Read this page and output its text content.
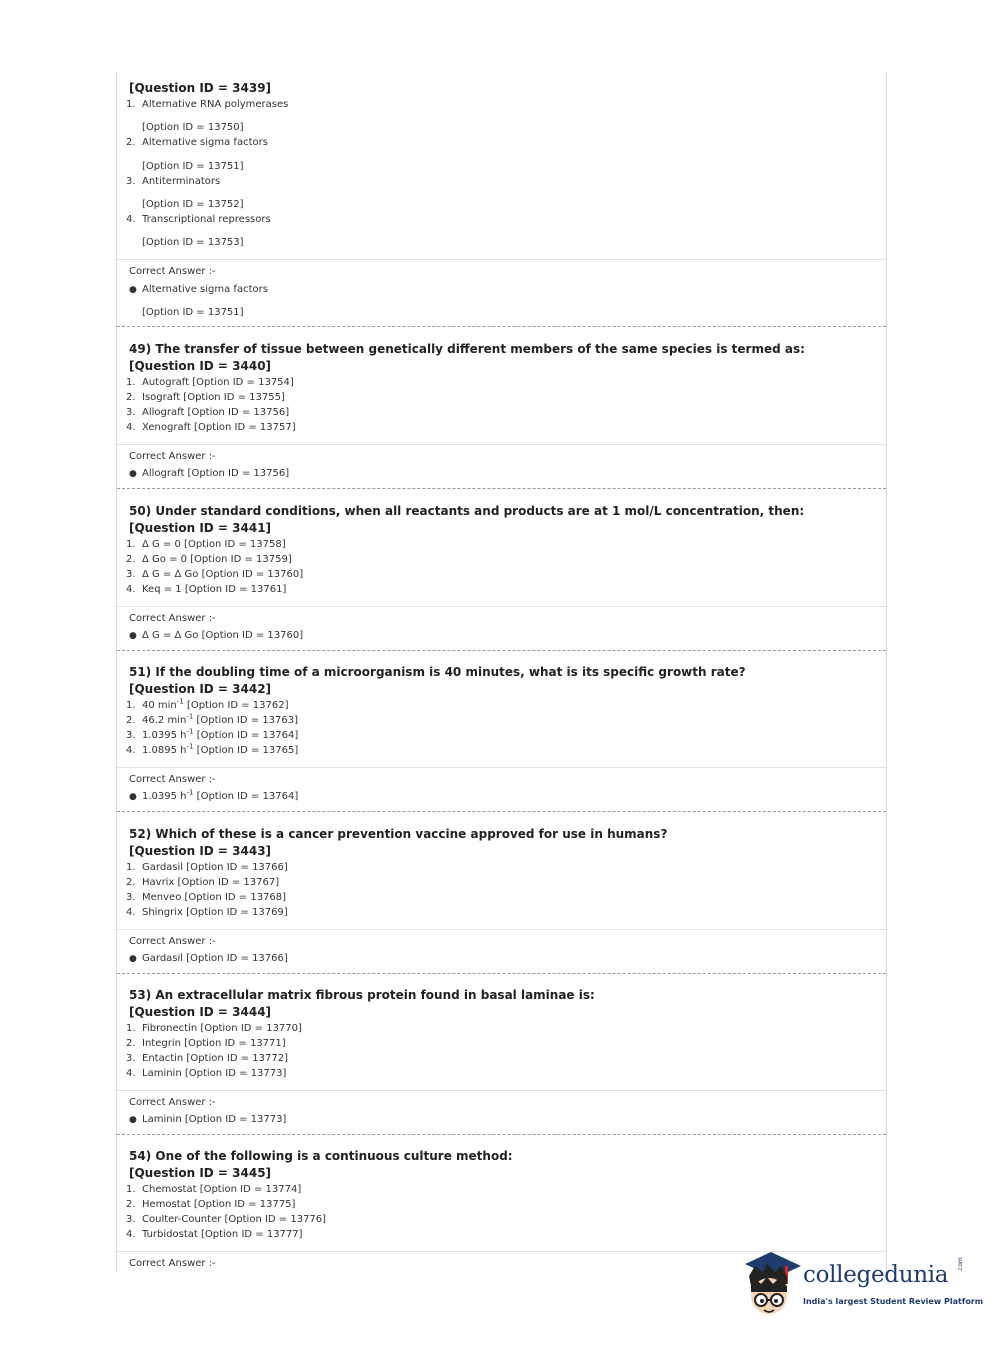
[Question ID = 3439]
1. Alternative RNA polymerases
[Option ID = 13750]
2. Alternative sigma factors
[Option ID = 13751]
3. Antiterminators
[Option ID = 13752]
4. Transcriptional repressors
[Option ID = 13753]
Correct Answer :-
● Alternative sigma factors
[Option ID = 13751]
49) The transfer of tissue between genetically different members of the same species is termed as:
[Question ID = 3440]
1. Autograft [Option ID = 13754]
2. Isograft [Option ID = 13755]
3. Allograft [Option ID = 13756]
4. Xenograft [Option ID = 13757]
Correct Answer :-
● Allograft [Option ID = 13756]
50) Under standard conditions, when all reactants and products are at 1 mol/L concentration, then:
[Question ID = 3441]
1. Δ G = 0 [Option ID = 13758]
2. Δ Go = 0 [Option ID = 13759]
3. Δ G = Δ Go [Option ID = 13760]
4. Keq = 1 [Option ID = 13761]
Correct Answer :-
● Δ G = Δ Go [Option ID = 13760]
51) If the doubling time of a microorganism is 40 minutes, what is its specific growth rate?
[Question ID = 3442]
1. 40 $\min^{-1}$ [Option ID = 13762]
2. 46.2 $\min^{-1}$ [Option ID = 13763]
3. 1.0395 $h^{-1}$ [Option ID = 13764]
4. 1.0895 $h^{-1}$ [Option ID = 13765]
Correct Answer :-
● 1.0395 $h^{-1}$ [Option ID = 13764]
52) Which of these is a cancer prevention vaccine approved for use in humans?
[Question ID = 3443]
1. Gardasil [Option ID = 13766]
2. Havrix [Option ID = 13767]
3. Menveo [Option ID = 13768]
4. Shingrix [Option ID = 13769]
Correct Answer :-
● Gardasil [Option ID = 13766]
53) An extracellular matrix fibrous protein found in basal laminae is:
[Question ID = 3444]
1. Fibronectin [Option ID = 13770]
2. Integrin [Option ID = 13771]
3. Entactin [Option ID = 13772]
4. Laminin [Option ID = 13773]
Correct Answer :-
● Laminin [Option ID = 13773]
54) One of the following is a continuous culture method:
[Question ID = 3445]
1. Chemostat [Option ID = 13774]
2. Hemostat [Option ID = 13775]
3. Coulter-Counter [Option ID = 13776]
4. Turbidostat [Option ID = 13777]
Correct Answer :-	collegedunia .com
India's largest Student Review Platform
